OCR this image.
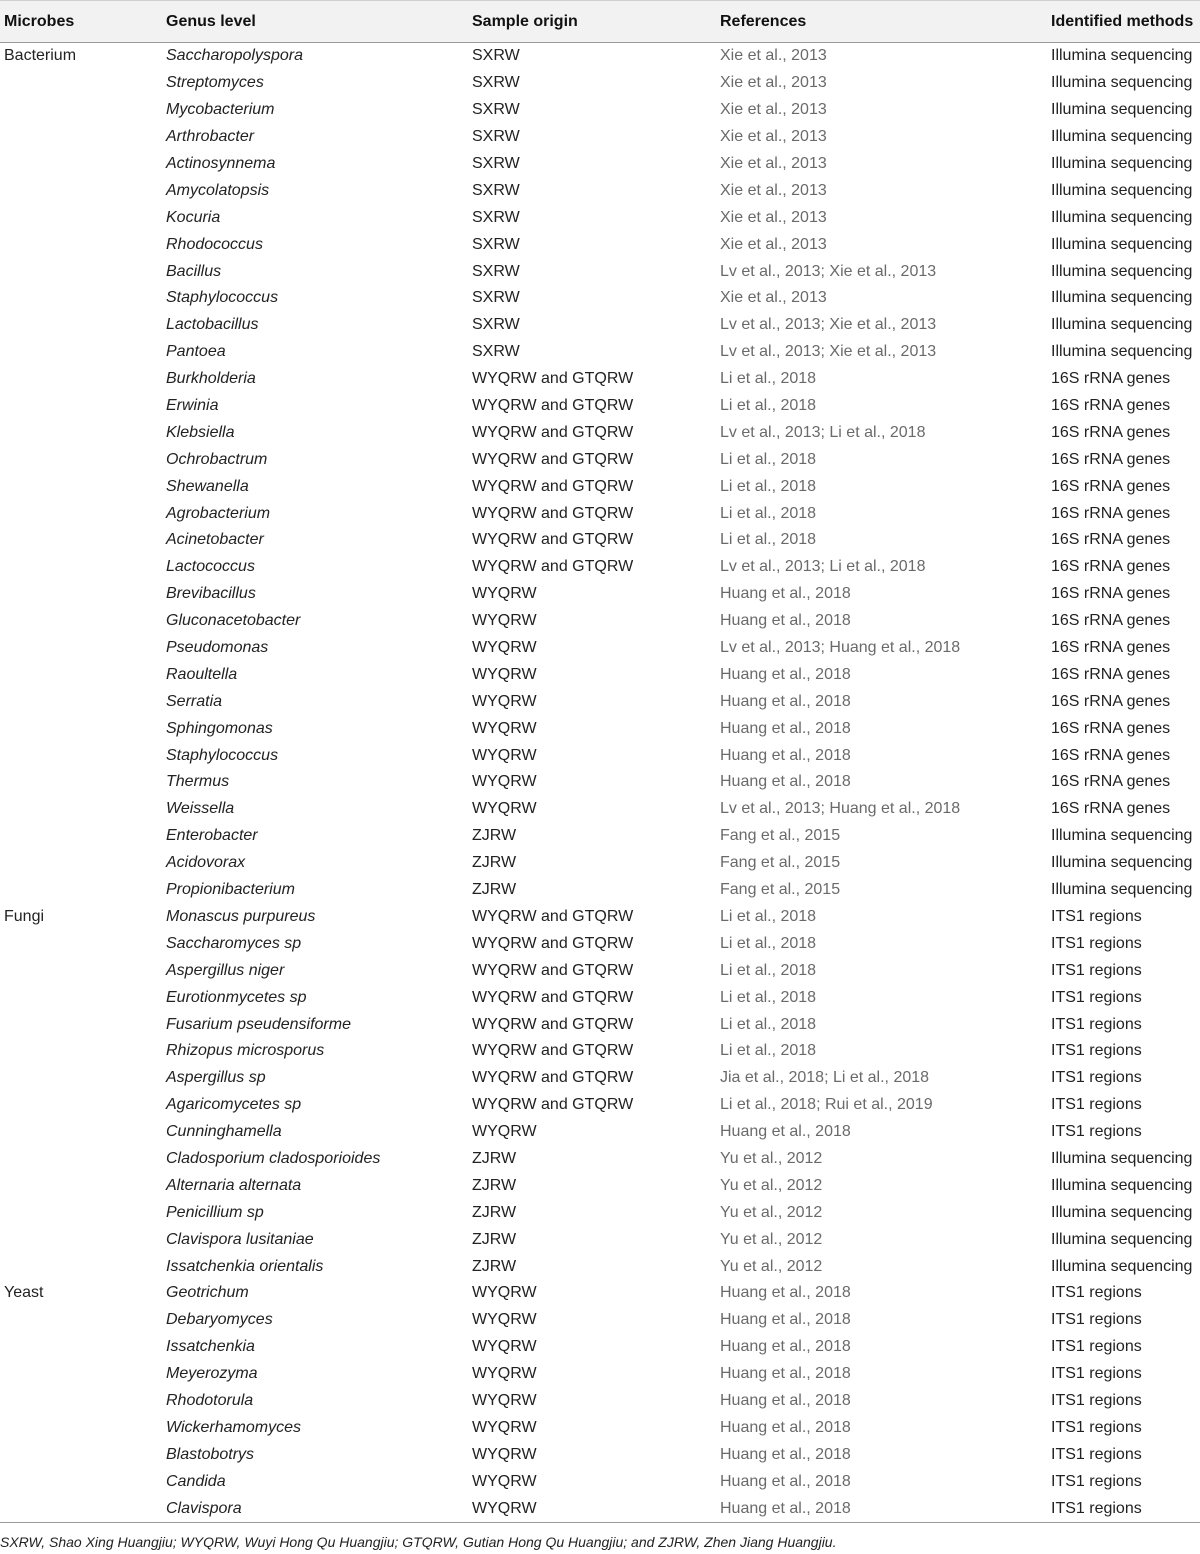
Microbes	Genus level	Sample origin	References	Identified methods
Bacterium	Saccharopolyspora	SXRW	Xie et al., 2013	Illumina sequencing
	Streptomyces	SXRW	Xie et al., 2013	Illumina sequencing
	Mycobacterium	SXRW	Xie et al., 2013	Illumina sequencing
	Arthrobacter	SXRW	Xie et al., 2013	Illumina sequencing
	Actinosynnema	SXRW	Xie et al., 2013	Illumina sequencing
	Amycolatopsis	SXRW	Xie et al., 2013	Illumina sequencing
	Kocuria	SXRW	Xie et al., 2013	Illumina sequencing
	Rhodococcus	SXRW	Xie et al., 2013	Illumina sequencing
	Bacillus	SXRW	Lv et al., 2013; Xie et al., 2013	Illumina sequencing
	Staphylococcus	SXRW	Xie et al., 2013	Illumina sequencing
	Lactobacillus	SXRW	Lv et al., 2013; Xie et al., 2013	Illumina sequencing
	Pantoea	SXRW	Lv et al., 2013; Xie et al., 2013	Illumina sequencing
	Burkholderia	WYQRW and GTQRW	Li et al., 2018	16S rRNA genes
	Erwinia	WYQRW and GTQRW	Li et al., 2018	16S rRNA genes
	Klebsiella	WYQRW and GTQRW	Lv et al., 2013; Li et al., 2018	16S rRNA genes
	Ochrobactrum	WYQRW and GTQRW	Li et al., 2018	16S rRNA genes
	Shewanella	WYQRW and GTQRW	Li et al., 2018	16S rRNA genes
	Agrobacterium	WYQRW and GTQRW	Li et al., 2018	16S rRNA genes
	Acinetobacter	WYQRW and GTQRW	Li et al., 2018	16S rRNA genes
	Lactococcus	WYQRW and GTQRW	Lv et al., 2013; Li et al., 2018	16S rRNA genes
	Brevibacillus	WYQRW	Huang et al., 2018	16S rRNA genes
	Gluconacetobacter	WYQRW	Huang et al., 2018	16S rRNA genes
	Pseudomonas	WYQRW	Lv et al., 2013; Huang et al., 2018	16S rRNA genes
	Raoultella	WYQRW	Huang et al., 2018	16S rRNA genes
	Serratia	WYQRW	Huang et al., 2018	16S rRNA genes
	Sphingomonas	WYQRW	Huang et al., 2018	16S rRNA genes
	Staphylococcus	WYQRW	Huang et al., 2018	16S rRNA genes
	Thermus	WYQRW	Huang et al., 2018	16S rRNA genes
	Weissella	WYQRW	Lv et al., 2013; Huang et al., 2018	16S rRNA genes
	Enterobacter	ZJRW	Fang et al., 2015	Illumina sequencing
	Acidovorax	ZJRW	Fang et al., 2015	Illumina sequencing
	Propionibacterium	ZJRW	Fang et al., 2015	Illumina sequencing
Fungi	Monascus purpureus	WYQRW and GTQRW	Li et al., 2018	ITS1 regions
	Saccharomyces sp	WYQRW and GTQRW	Li et al., 2018	ITS1 regions
	Aspergillus niger	WYQRW and GTQRW	Li et al., 2018	ITS1 regions
	Eurotionmycetes sp	WYQRW and GTQRW	Li et al., 2018	ITS1 regions
	Fusarium pseudensiforme	WYQRW and GTQRW	Li et al., 2018	ITS1 regions
	Rhizopus microsporus	WYQRW and GTQRW	Li et al., 2018	ITS1 regions
	Aspergillus sp	WYQRW and GTQRW	Jia et al., 2018; Li et al., 2018	ITS1 regions
	Agaricomycetes sp	WYQRW and GTQRW	Li et al., 2018; Rui et al., 2019	ITS1 regions
	Cunninghamella	WYQRW	Huang et al., 2018	ITS1 regions
	Cladosporium cladosporioides	ZJRW	Yu et al., 2012	Illumina sequencing
	Alternaria alternata	ZJRW	Yu et al., 2012	Illumina sequencing
	Penicillium sp	ZJRW	Yu et al., 2012	Illumina sequencing
	Clavispora lusitaniae	ZJRW	Yu et al., 2012	Illumina sequencing
	Issatchenkia orientalis	ZJRW	Yu et al., 2012	Illumina sequencing
Yeast	Geotrichum	WYQRW	Huang et al., 2018	ITS1 regions
	Debaryomyces	WYQRW	Huang et al., 2018	ITS1 regions
	Issatchenkia	WYQRW	Huang et al., 2018	ITS1 regions
	Meyerozyma	WYQRW	Huang et al., 2018	ITS1 regions
	Rhodotorula	WYQRW	Huang et al., 2018	ITS1 regions
	Wickerhamomyces	WYQRW	Huang et al., 2018	ITS1 regions
	Blastobotrys	WYQRW	Huang et al., 2018	ITS1 regions
	Candida	WYQRW	Huang et al., 2018	ITS1 regions
	Clavispora	WYQRW	Huang et al., 2018	ITS1 regions
SXRW, Shao Xing Huangjiu; WYQRW, Wuyi Hong Qu Huangjiu; GTQRW, Gutian Hong Qu Huangjiu; and ZJRW, Zhen Jiang Huangjiu.
